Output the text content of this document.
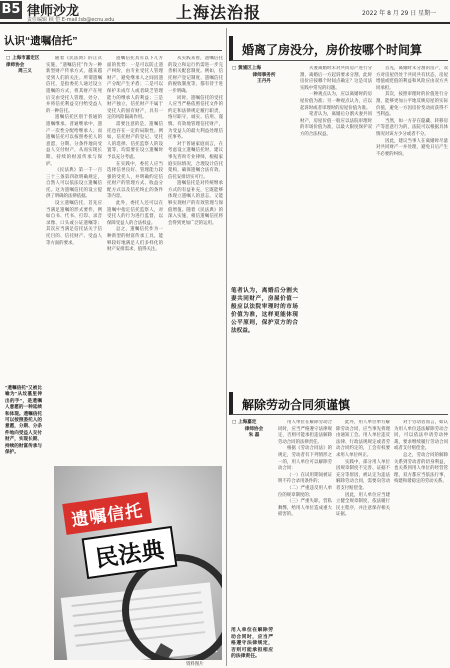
B5 律师沙龙
责任编辑 顾 恺 E-mail:lsb@ecnu.edu	上海法治报	2022 年 8 月 29 日 星期一
认识“遗嘱信托”
□ 上海市嘉定区律师协会
周三义

随着《民法典》的正式实施，“遗嘱信托”作为一种新型财产传承方式，越来越受到人们的关注。所谓遗嘱信托，是指委托人通过设立遗嘱的方式，将其财产在死后交由受托人管理、处分，并将信托利益交付给受益人的一种信托。

遗嘱信托区别于普通的遗嘱继承。普通继承中，遗产一次性分配给继承人；而遗嘱信托可以按照委托人的意愿，分期、分条件地向受益人交付财产，从而实现长期、持续的财富传承与保护。

《民法典》第一千一百三十三条第四款明确规定，自然人可以依法设立遗嘱信托。这为遗嘱信托的设立提供了明确的法律依据。

设立遗嘱信托，首先应当满足遗嘱的形式要件，例如自书、代书、打印、录音录像、口头或公证遗嘱等；其次应当满足信托法关于信托目的、信托财产、受益人等方面的要求。

遗嘱信托具有以下几方面的优势：一是可以防止遗产纠纷，由专业受托人管理财产，避免继承人之间因遗产分配产生矛盾；二是可以保护未成年人或者缺乏管理能力的继承人的利益；三是财产独立，信托财产不属于受托人的固有财产，具有一定的风险隔离作用。

需要注意的是，遗嘱信托也存在一定的局限性。例如，信托财产的登记、受托人的选择、信托监察人的设置等，均需要在设立遗嘱时予以充分考虑。

在实践中，委托人应当选择信誉良好、管理能力较强的受托人，并明确约定信托财产的管理方式、收益分配方式以及信托终止的条件等内容。

此外，委托人还可以在遗嘱中指定信托监察人，对受托人的行为进行监督，以保障受益人的合法权益。

总之，遗嘱信托作为一种新型的财富传承工具，能够较好地满足人们多样化的财产安排需求，值得关注。

从实践来看，遗嘱信托的设立和运行仍需进一步完善相关配套制度。例如，信托财产登记制度、遗嘱信托的税收制度等，都有待于进一步明确。

同时，遗嘱信托的受托人应当严格依照信托文件的约定和法律规定履行职责，恪尽职守，诚实、信用、谨慎、有效地管理信托财产，为受益人的最大利益处理信托事务。

对于普通家庭而言，在考虑设立遗嘱信托时，建议事先咨询专业律师，根据家庭实际情况，合理设计信托架构，确保遗嘱合法有效、信托安排切实可行。

遗嘱信托是对传统继承方式的有益补充，它既能够体现立遗嘱人的意志，又能够实现财产的有效管理与保值增值。随着《民法典》的深入实施，相信遗嘱信托将会得到更加广泛的运用。

“遗嘱信托”又被比喻为“从坟墓里伸出的手”，是遗嘱人意愿的一种延续和体现。遗嘱信托可以按照委托人的意愿，分期、分条件地向受益人交付财产，实现长期、持续的财富传承与保护。
遗嘱信托
民法典
资料图片
婚离了房没分，房价按哪个时间算
□ 黄浦区上海
律师事务所
王丹丹

夫妻离婚时未对共同房产进行分割，离婚后一方起诉要求分割，此时房价应按哪个时间点确定？这是司法实践中常见的问题。

一种观点认为，应以离婚时的房屋价值为准；另一种观点认为，应以起诉时或者审理时的房屋价值为准。

笔者认为，离婚后分割夫妻共同财产，房屋价值一般应以法院审理时的市场价值为准，以最大限度保护双方的合法权益。

首先，离婚时未分割的房产，双方对房屋仍处于共同共有状态，房屋增值或贬值的利益和风险应由双方共同承担。

其次，按照审理时的价值进行分割，能够更加公平地反映房屋的实际价值，避免一方因房价变动而获得不当利益。

当然，如一方存在隐藏、转移房产等恶意行为的，法院可以根据具体情况对该方少分或者不分。

因此，建议当事人在离婚时尽量对共同财产一并处理，避免日后产生不必要的纠纷。

笔者认为，离婚后分割夫妻共同财产，房屋价值一般应以法院审理时的市场价值为准，这样更能体现公平原则，保护双方的合法权益。
解除劳动合同须谨慎
□ 上海嘉定
律师协会
朱 磊

用人单位在解除劳动合同时，应当严格遵守法律规定，否则可能承担违法解除劳动合同的法律责任。

根据《劳动合同法》的规定，劳动者有下列情形之一的，用人单位可以解除劳动合同：

（一）在试用期间被证明不符合录用条件的；

（二）严重违反用人单位的规章制度的；

（三）严重失职，营私舞弊，给用人单位造成重大损害的。

此外，用人单位单方解除劳动合同，应当事先将理由通知工会。用人单位违反法律、行政法规规定或者劳动合同约定的，工会有权要求用人单位纠正。

实践中，部分用人单位因规章制度不完善、证据不充分等原因，被认定为违法解除劳动合同，需要向劳动者支付赔偿金。

因此，用人单位应当建立健全规章制度，依法履行民主程序，并注意保存相关证据。

对于劳动者而言，如认为用人单位违法解除劳动合同，可以依法申请劳动仲裁，要求继续履行劳动合同或者支付赔偿金。

总之，劳动合同的解除关系到劳动者的切身利益，也关系到用人单位的经营管理，双方都应当依法行事，构建和谐稳定的劳动关系。

用人单位在解除劳动合同时，应当严格遵守法律规定，否则可能承担相应的法律责任。
